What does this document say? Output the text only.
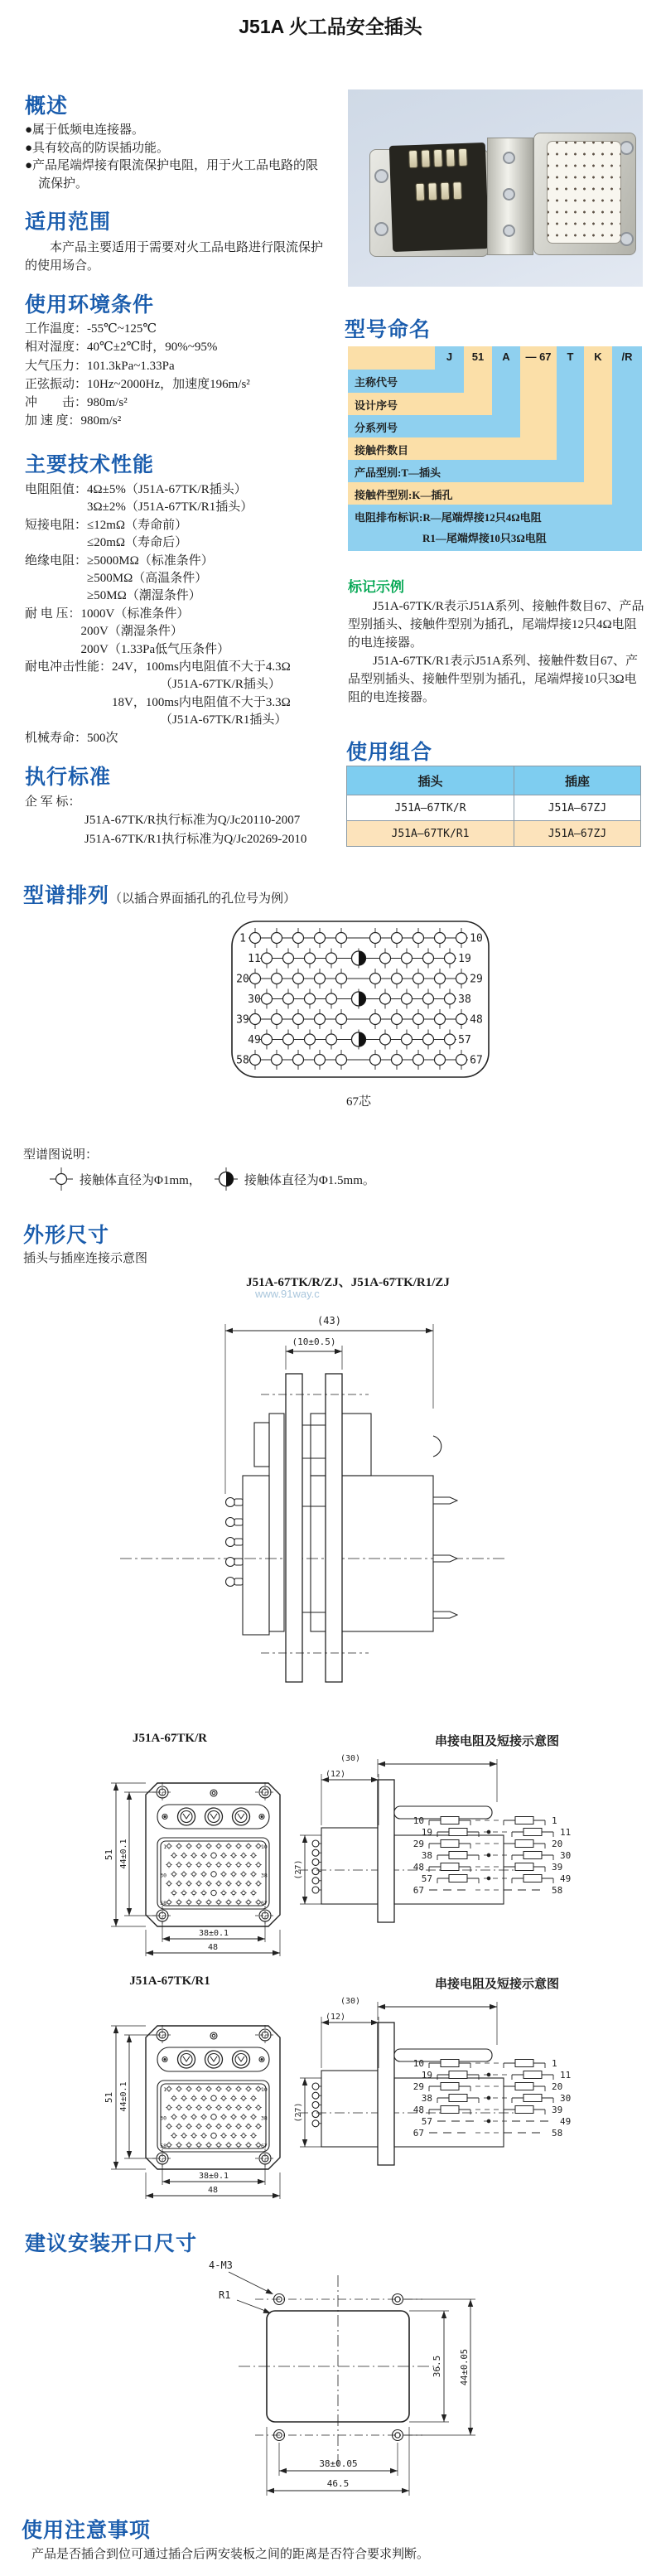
J51A 火工品安全插头
概述
●属于低频电连接器。
●具有较高的防误插功能。
●产品尾端焊接有限流保护电阻，用于火工品电路的限流保护。
适用范围
本产品主要适用于需要对火工品电路进行限流保护的使用场合。
使用环境条件
工作温度： -55℃~125℃
相对湿度： 40℃±2℃时，90%~95%
大气压力： 101.3kPa~1.33Pa
正弦振动： 10Hz~2000Hz，加速度196m/s²
冲　　击： 980m/s²
加 速 度： 980m/s²
主要技术性能
电阻阻值： 4Ω±5%（J51A-67TK/R插头）
3Ω±2%（J51A-67TK/R1插头）
短接电阻： ≤12mΩ（寿命前）
≤20mΩ（寿命后）
绝缘电阻： ≥5000MΩ（标准条件）
≥500MΩ（高温条件）
≥50MΩ（潮湿条件）
耐 电 压： 1000V（标准条件）
200V（潮湿条件）
200V（1.33Pa低气压条件）
耐电冲击性能： 24V，100ms内电阻值不大于4.3Ω
（J51A-67TK/R插头）
18V，100ms内电阻值不大于3.3Ω
（J51A-67TK/R1插头）
机械寿命： 500次
执行标准
企 军 标：
J51A-67TK/R执行标准为Q/Jc20110-2007
J51A-67TK/R1执行标准为Q/Jc20269-2010
型号命名
J
主称代号
51
设计序号
A
分系列号
— 67
接触件数目
T
产品型别:T—插头
K
接触件型别:K—插孔
/R
电阻排布标识:R—尾端焊接12只4Ω电阻
R1—尾端焊接10只3Ω电阻
标记示例
J51A-67TK/R表示J51A系列、接触件数目67、产品型别插头、接触件型别为插孔，尾端焊接12只4Ω电阻的电连接器。
J51A-67TK/R1表示J51A系列、接触件数目67、产品型别插头、接触件型别为插孔，尾端焊接10只3Ω电阻的电连接器。
使用组合
插头	插座
J51A—67TK/R	J51A—67ZJ
J51A—67TK/R1	J51A—67ZJ
型谱排列（以插合界面插孔的孔位号为例）
1	10
11	19
20	29
30	38
39	48
49	57
58	67
67芯
型谱图说明：
接触体直径为Φ1mm，	接触体直径为Φ1.5mm。
外形尺寸
插头与插座连接示意图
www.91way.c
J51A-67TK/R/ZJ、J51A-67TK/R1/ZJ
(43)
(10±0.5)
J51A-67TK/R	串接电阻及短接示意图
1	10
30	38
58	67
51 44±0.1
38±0.1
48
(30)
(12)
(27)
10	1
19	11
29	20
38	30
48	39
57	49
67	58
J51A-67TK/R1	串接电阻及短接示意图
1	10
30	38
58	67
51 44±0.1
38±0.1
48
(30)
(12)
(27)
10	1
19	11
29	20
38	30
48	39
57	49
67	58
建议安装开口尺寸
4-M3
R1
36.5 44±0.05
38±0.05
46.5
使用注意事项
产品是否插合到位可通过插合后两安装板之间的距离是否符合要求判断。
